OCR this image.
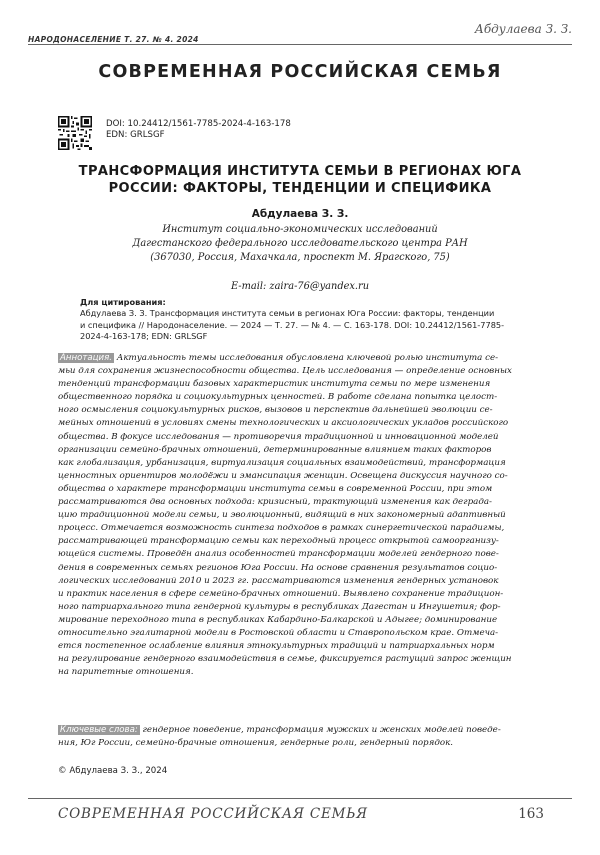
НАРОДОНАСЕЛЕНИЕ Т. 27. № 4. 2024
Абдулаева З. З.
СОВРЕМЕННАЯ РОССИЙСКАЯ СЕМЬЯ
DOI: 10.24412/1561-7785-2024-4-163-178
EDN: GRLSGF
ТРАНСФОРМАЦИЯ ИНСТИТУТА СЕМЬИ В РЕГИОНАХ ЮГА
РОССИИ: ФАКТОРЫ, ТЕНДЕНЦИИ И СПЕЦИФИКА
Абдулаева З. З.
Институт социально-экономических исследований
Дагестанского федерального исследовательского центра РАН
(367030, Россия, Махачкала, проспект М. Ярагского, 75)
E-mail: zaira-76@yandex.ru
Для цитирования:
Абдулаева З. З. Трансформация института семьи в регионах Юга России: факторы, тенденции
и специфика // Народонаселение. — 2024 — Т. 27. — № 4. — С. 163-178. DOI: 10.24412/1561-7785-
2024-4-163-178; EDN: GRLSGF
Аннотация. Актуальность темы исследования обусловлена ключевой ролью института се-
мьи для сохранения жизнеспособности общества. Цель исследования — определение основных
тенденций трансформации базовых характеристик института семьи по мере изменения
общественного порядка и социокультурных ценностей. В работе сделана попытка целост-
ного осмысления социокультурных рисков, вызовов и перспектив дальнейшей эволюции се-
мейных отношений в условиях смены технологических и аксиологических укладов российского
общества. В фокусе исследования — противоречия традиционной и инновационной моделей
организации семейно-брачных отношений, детерминированные влиянием таких факторов
как глобализация, урбанизация, виртуализация социальных взаимодействий, трансформация
ценностных ориентиров молодёжи и эмансипация женщин. Освещена дискуссия научного со-
общества о характере трансформации института семьи в современной России, при этом
рассматриваются два основных подхода: кризисный, трактующий изменения как деграда-
цию традиционной модели семьи, и эволюционный, видящий в них закономерный адаптивный
процесс. Отмечается возможность синтеза подходов в рамках синергетической парадигмы,
рассматривающей трансформацию семьи как переходный процесс открытой самоорганизу-
ющейся системы. Проведён анализ особенностей трансформации моделей гендерного пове-
дения в современных семьях регионов Юга России. На основе сравнения результатов социо-
логических исследований 2010 и 2023 гг. рассматриваются изменения гендерных установок
и практик населения в сфере семейно-брачных отношений. Выявлено сохранение традицион-
ного патриархального типа гендерной культуры в республиках Дагестан и Ингушетия; фор-
мирование переходного типа в республиках Кабардино-Балкарской и Адыгее; доминирование
относительно эгалитарной модели в Ростовской области и Ставропольском крае. Отмеча-
ется постепенное ослабление влияния этнокультурных традиций и патриархальных норм
на регулирование гендерного взаимодействия в семье, фиксируется растущий запрос женщин
на паритетные отношения.
Ключевые слова: гендерное поведение, трансформация мужских и женских моделей поведе-
ния, Юг России, семейно-брачные отношения, гендерные роли, гендерный порядок.
© Абдулаева З. З., 2024
СОВРЕМЕННАЯ РОССИЙСКАЯ СЕМЬЯ	163
